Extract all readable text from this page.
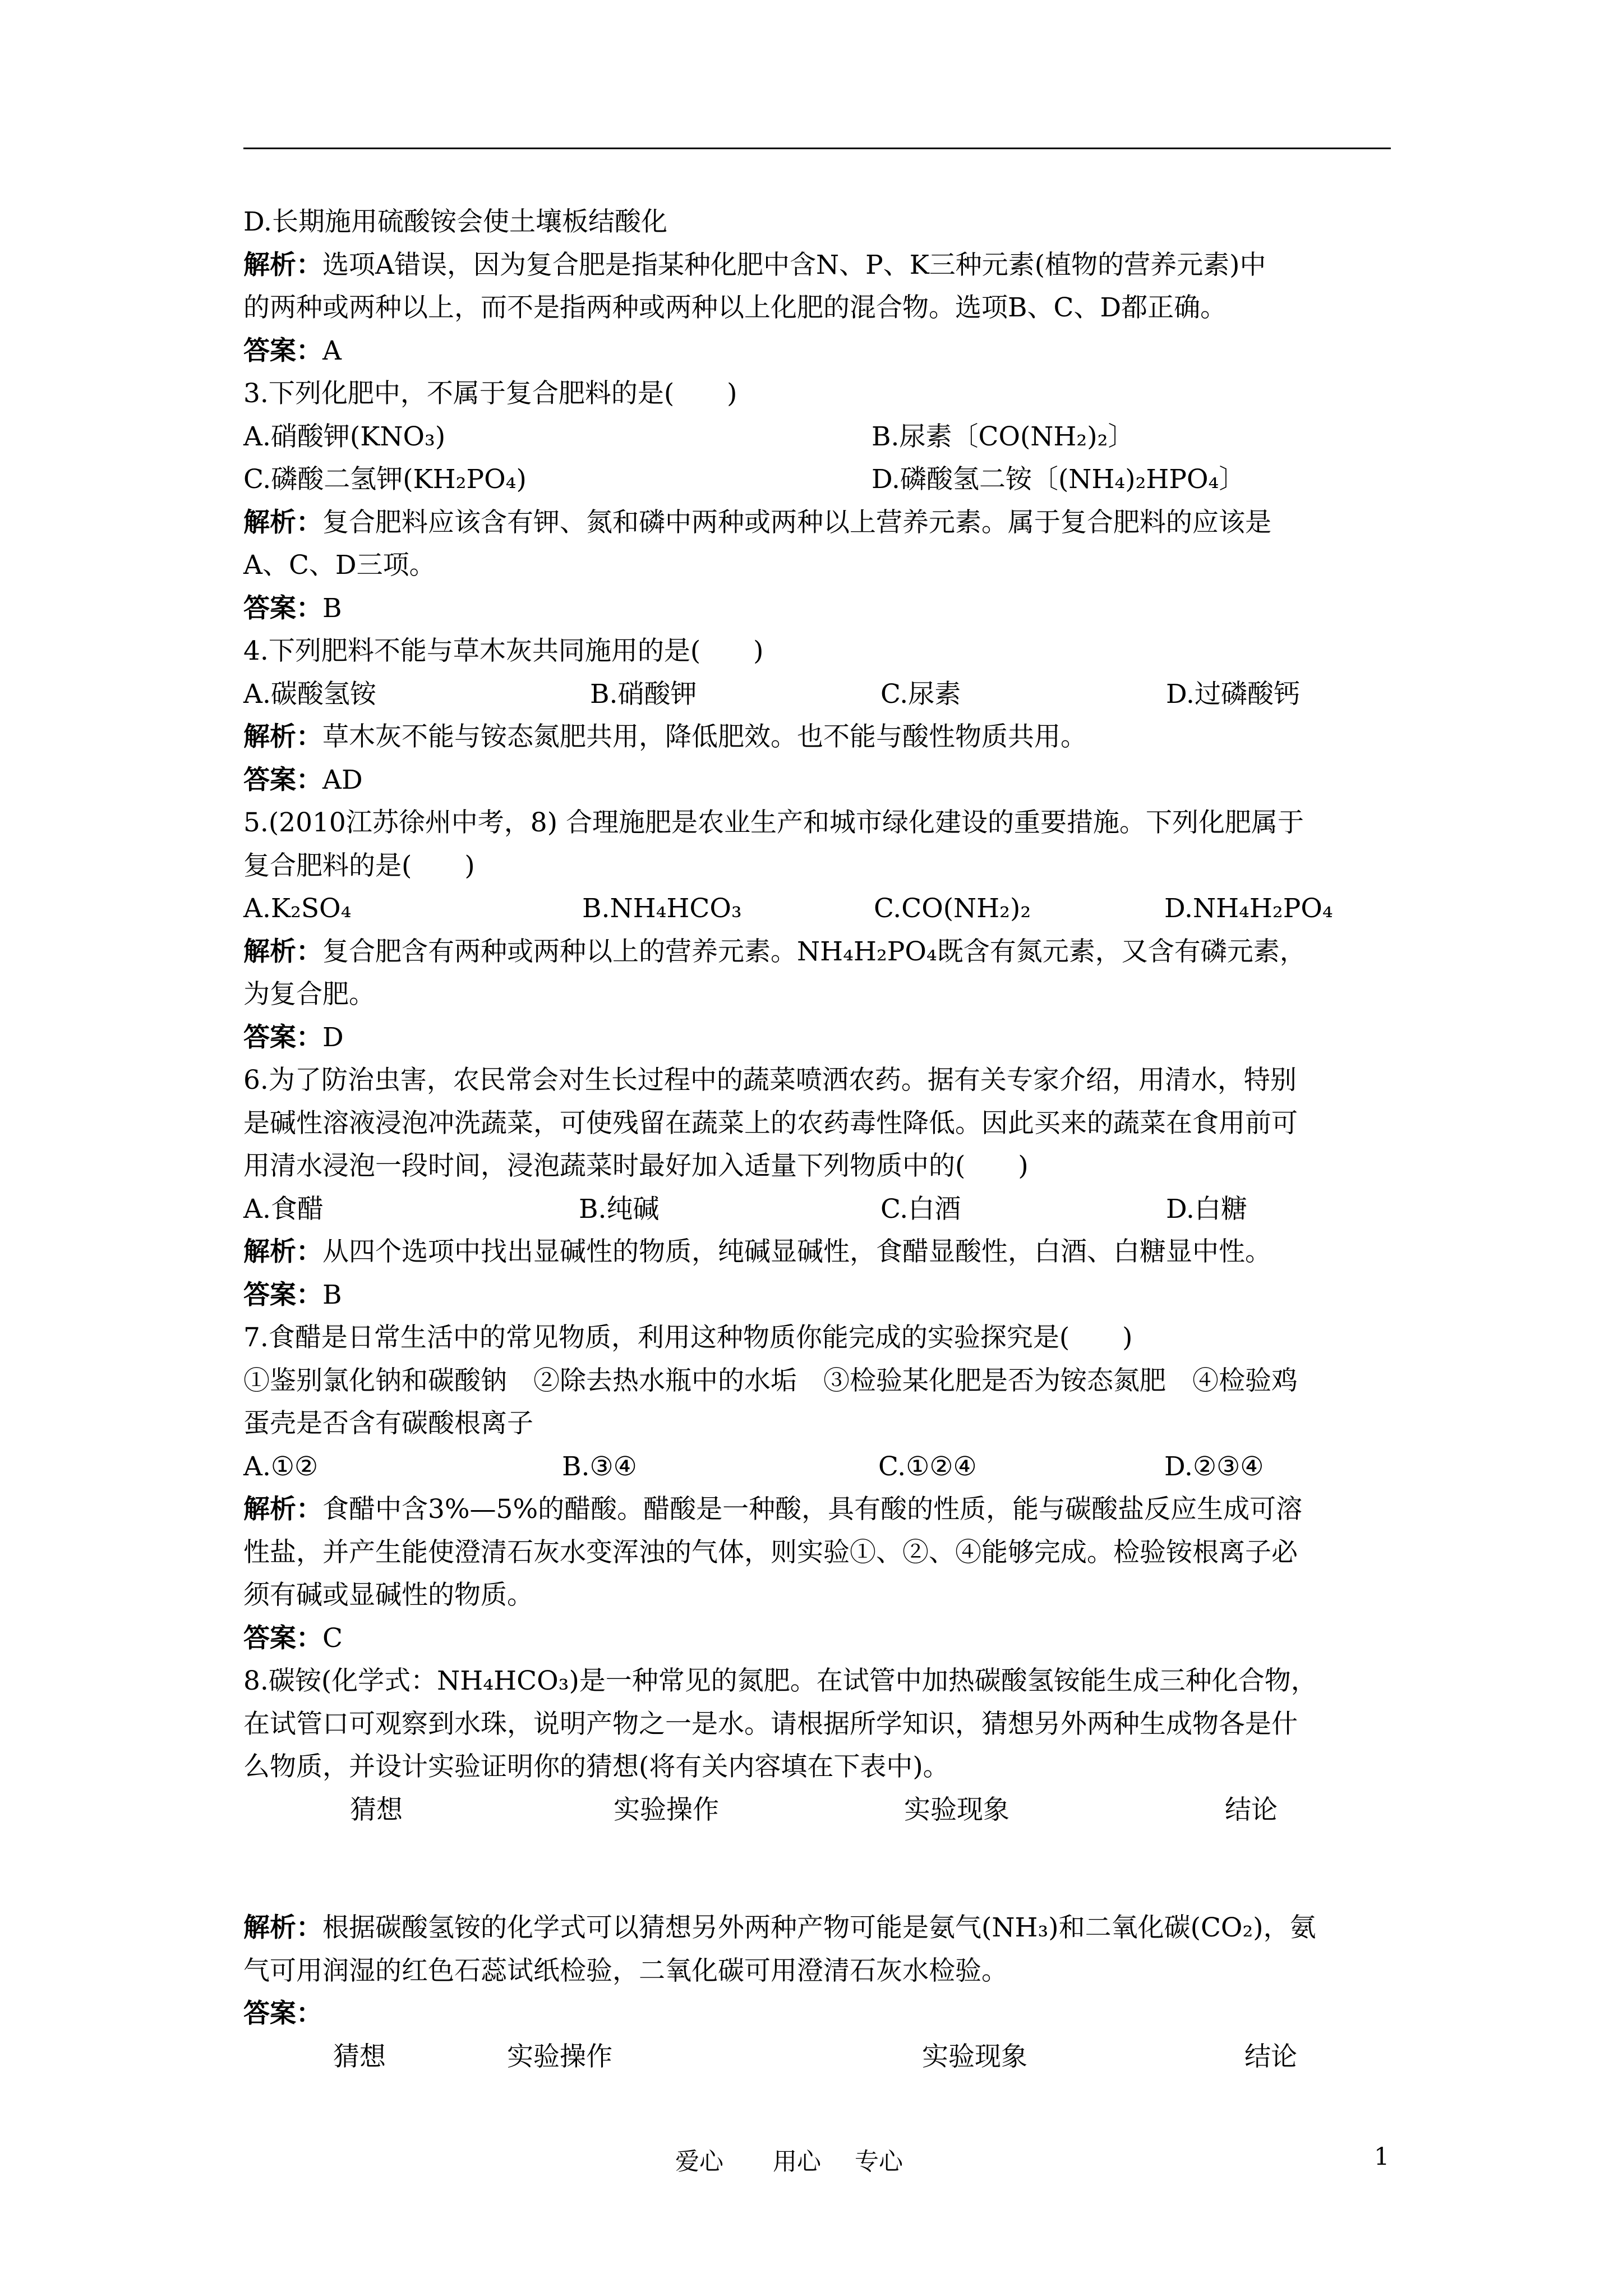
D.长期施用硫酸铵会使土壤板结酸化
解析：选项A错误，因为复合肥是指某种化肥中含N、P、K三种元素(植物的营养元素)中
的两种或两种以上，而不是指两种或两种以上化肥的混合物。选项B、C、D都正确。
答案：A
3.下列化肥中，不属于复合肥料的是(　　)
A.硝酸钾(KNO₃)	B.尿素〔CO(NH₂)₂〕
C.磷酸二氢钾(KH₂PO₄)	D.磷酸氢二铵〔(NH₄)₂HPO₄〕
解析：复合肥料应该含有钾、氮和磷中两种或两种以上营养元素。属于复合肥料的应该是
A、C、D三项。
答案：B
4.下列肥料不能与草木灰共同施用的是(　　)
A.碳酸氢铵	B.硝酸钾	C.尿素	D.过磷酸钙
解析：草木灰不能与铵态氮肥共用，降低肥效。也不能与酸性物质共用。
答案：AD
5.(2010江苏徐州中考，8) 合理施肥是农业生产和城市绿化建设的重要措施。下列化肥属于
复合肥料的是(　　)
A.K₂SO₄	B.NH₄HCO₃	C.CO(NH₂)₂	D.NH₄H₂PO₄
解析：复合肥含有两种或两种以上的营养元素。NH₄H₂PO₄既含有氮元素，又含有磷元素，
为复合肥。
答案：D
6.为了防治虫害，农民常会对生长过程中的蔬菜喷洒农药。据有关专家介绍，用清水，特别
是碱性溶液浸泡冲洗蔬菜，可使残留在蔬菜上的农药毒性降低。因此买来的蔬菜在食用前可
用清水浸泡一段时间，浸泡蔬菜时最好加入适量下列物质中的(　　)
A.食醋	B.纯碱	C.白酒	D.白糖
解析：从四个选项中找出显碱性的物质，纯碱显碱性，食醋显酸性，白酒、白糖显中性。
答案：B
7.食醋是日常生活中的常见物质，利用这种物质你能完成的实验探究是(　　)
①鉴别氯化钠和碳酸钠　②除去热水瓶中的水垢　③检验某化肥是否为铵态氮肥　④检验鸡
蛋壳是否含有碳酸根离子
A.①②	B.③④	C.①②④	D.②③④
解析：食醋中含3%—5%的醋酸。醋酸是一种酸，具有酸的性质，能与碳酸盐反应生成可溶
性盐，并产生能使澄清石灰水变浑浊的气体，则实验①、②、④能够完成。检验铵根离子必
须有碱或显碱性的物质。
答案：C
8.碳铵(化学式：NH₄HCO₃)是一种常见的氮肥。在试管中加热碳酸氢铵能生成三种化合物，
在试管口可观察到水珠，说明产物之一是水。请根据所学知识，猜想另外两种生成物各是什
么物质，并设计实验证明你的猜想(将有关内容填在下表中)。
猜想	实验操作	实验现象	结论
解析：根据碳酸氢铵的化学式可以猜想另外两种产物可能是氨气(NH₃)和二氧化碳(CO₂)，氨
气可用润湿的红色石蕊试纸检验，二氧化碳可用澄清石灰水检验。
答案：
猜想	实验操作	实验现象	结论
爱心 用心 专心	1
